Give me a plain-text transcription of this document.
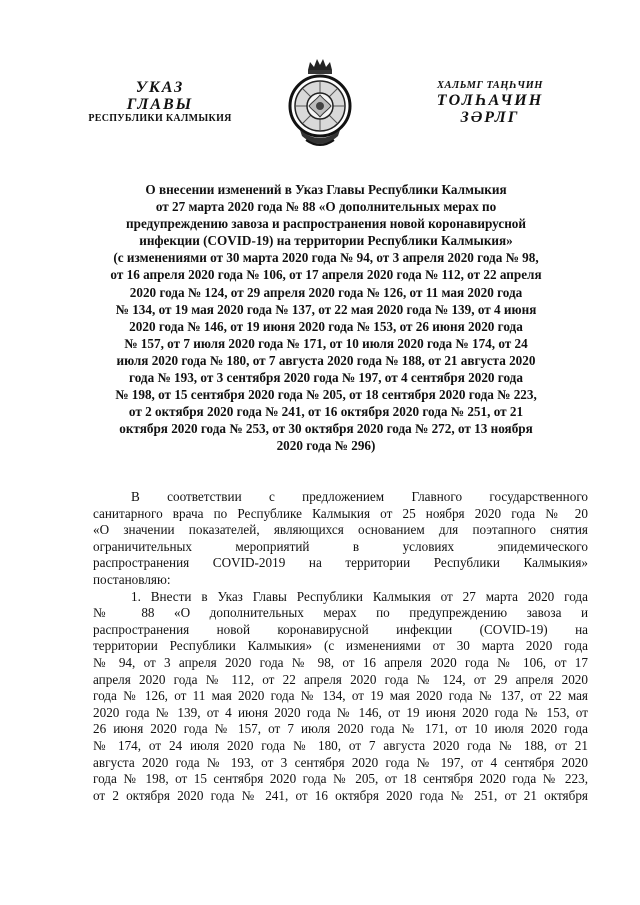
УКАЗ
ГЛАВЫ
РЕСПУБЛИКИ КАЛМЫКИЯ
ХАЛЬМГ ТАҢҺЧИН
ТОЛҺАЧИН
ЗӘРЛГ
О внесении изменений в Указ Главы Республики Калмыкия
от 27 марта 2020 года № 88 «О дополнительных мерах по
предупреждению завоза и распространения новой коронавирусной
инфекции (COVID-19) на территории Республики Калмыкия»
(с изменениями от 30 марта 2020 года № 94, от 3 апреля 2020 года № 98,
от 16 апреля 2020 года № 106, от 17 апреля 2020 года № 112, от 22 апреля
2020 года № 124, от 29 апреля 2020 года № 126, от 11 мая 2020 года
№ 134, от 19 мая 2020 года № 137, от 22 мая 2020 года № 139, от 4 июня
2020 года № 146, от 19 июня 2020 года № 153, от 26 июня 2020 года
№ 157, от 7 июля 2020 года № 171, от 10 июля 2020 года № 174, от 24
июля 2020 года № 180, от 7 августа 2020 года № 188, от 21 августа 2020
года № 193, от 3 сентября 2020 года № 197, от 4 сентября 2020 года
№ 198, от 15 сентября 2020 года № 205, от 18 сентября 2020 года № 223,
от 2 октября 2020 года № 241, от 16 октября 2020 года № 251, от 21
октября 2020 года № 253, от 30 октября 2020 года № 272, от 13 ноября
2020 года № 296)
В соответствии с предложением Главного государственного
санитарного врача по Республике Калмыкия от 25 ноября 2020 года № 20
«О значении показателей, являющихся основанием для поэтапного снятия
ограничительных мероприятий в условиях эпидемического
распространения COVID-2019 на территории Республики Калмыкия»
постановляю:
1. Внести в Указ Главы Республики Калмыкия от 27 марта 2020 года
№ 88 «О дополнительных мерах по предупреждению завоза и
распространения новой коронавирусной инфекции (COVID-19) на
территории Республики Калмыкия» (с изменениями от 30 марта 2020 года
№ 94, от 3 апреля 2020 года № 98, от 16 апреля 2020 года № 106, от 17
апреля 2020 года № 112, от 22 апреля 2020 года № 124, от 29 апреля 2020
года № 126, от 11 мая 2020 года № 134, от 19 мая 2020 года № 137, от 22 мая
2020 года № 139, от 4 июня 2020 года № 146, от 19 июня 2020 года № 153, от
26 июня 2020 года № 157, от 7 июля 2020 года № 171, от 10 июля 2020 года
№ 174, от 24 июля 2020 года № 180, от 7 августа 2020 года № 188, от 21
августа 2020 года № 193, от 3 сентября 2020 года № 197, от 4 сентября 2020
года № 198, от 15 сентября 2020 года № 205, от 18 сентября 2020 года № 223,
от 2 октября 2020 года № 241, от 16 октября 2020 года № 251, от 21 октября
